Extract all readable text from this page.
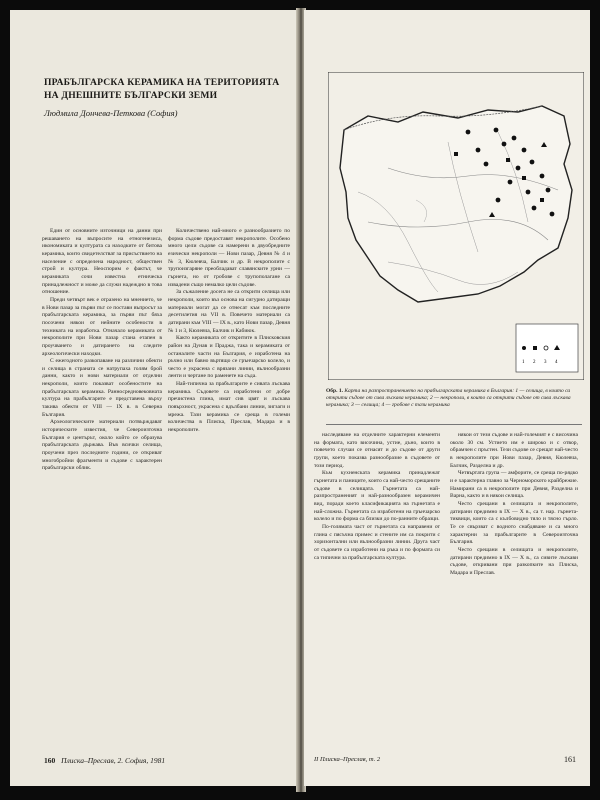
ПРАБЪЛГАРСКА КЕРАМИКА НА ТЕРИТОРИЯТА НА ДНЕШНИТЕ БЪЛГАРСКИ ЗЕМИ
Людмила Дончева-Петкова (София)

Един от основните източници на данни при решаването на въпросите на етногенезиса, икономиката и културата са находките от битова керамика, които свидетелстват за присъствието на население с определена народност, обществен строй и култура. Неоспорим е фактът, че керамиката сочи известна етническа принадлежност и може да служи надеждно в това отношение.

Преди четвърт век е отразено на мнението, че в Нови пазар за първи път се постави въпросът за прабългарската керамика, за първи път бяха посочени някои от нейните особености в техниката на изработка. Отначало керамиката от некрополите при Нови пазар стана етапен в проучването и датирането на следите археологически находки.

С ежегодното разкопаване на различни обекти и селища в страната се натрупаха голям брой данни, както и нови материали от отделни некрополи, които показват особеностите на прабългарската керамика. Ранносредновековната култура на прабългарите е представена върху такива обекти от VIII — IX в. в Северна България.

Археологическите материали потвърждават историческите известия, че Североизточна България е центърът, около който се образува прабългарската държава. Във всички селища, проучени през последните години, се откриват многобройни фрагменти и съдове с характерен прабългарски облик.

Количествено най-много е разнообразието по форма съдове предоставят некрополите. Особено много цели съдове са намерени в двуобредните езически некрополи — Нови пазар, Девня № 4 и № 3, Кюлевча, Балчик и др. В некрополите с трупоизгаряне преобладават славянските урни — гърнета, но от гробове с трупополагане са извадени също немалко цели съдове.

За съжаление досега не са открити селища или некрополи, които въз основа на сигурно датиращи материали могат да се отнесат към последните десетилетия на VII в. Повечето материали са датирани към VIII — IX в., като Нови пазар, Девня № 1 и 3, Кюлевча, Балчик и Кабиюк.

Както керамиката от откритите в Плисковския район на Дунав и Праджа, така и керамиката от останалите части на България, е изработена на ръчно или бавно въртящо се грънчарско колело, и често е украсена с врязани линии, вълнообразни ленти и чертане по раменете на съда.

Най-типична за прабългарите е сивата лъскава керамика. Съдовете са изработени от добре пречистена глина, имат сив цвят и лъскава повърхност, украсена с вдълбани линии, зигзаги и мрежа. Тази керамика се среща в големи количества в Плиска, Преслав, Мадара и в некрополите.

160 Плиска–Преслав, 2. София, 1981
1 2 3 4
Обр. 1. Карта на разпространението на прабългарската керамика в България: 1 — селища, в които са открити съдове от сива лъскава керамика; 2 — некрополи, в които са открити съдове от сива лъскава керамика; 3 — селища; 4 — гробове с тази керамика

наследяване на отделните характерни елементи на формата, като височина, устие, дъно, които в повечето случаи се отнасят и до съдове от други групи, което показва разнообразие в съдовете от този период.

Към кухненската керамика принадлежат гърнетата и паниците, които са най-често срещаните съдове в селищата. Гърнетата са най-разпространеният и най-разнообразен керамичен вид, поради което класификацията на гърнетата е най-сложна. Гърнетата са изработени на грънчарско колело и по форма са близки до по-ранните образци.

По-голямата част от гърнетата са направени от глина с пясъчна примес и стените им са покрити с хоризонтални или вълнообразни линии. Друга част от съдовете са изработени на ръка и по формата си са типични за прабългарската култура.

някои от тези съдове и най-големият е с височина около 30 см. Устието им е широко и с отвор, обрамчен с пръстен. Тези съдове се срещат най-често в некрополите при Нови пазар, Девня, Кюлевча, Балчик, Разделна и др.

Четвъртата група — амфорите, се среща по-рядко и е характерна главно за Черноморското крайбрежие. Намирани са в некрополите при Девня, Разделна и Варна, както и в някои селища.

Често срещани в селищата и некрополите, датирани предимно в IX — X в., са т. нар. гърнета-тиквици, които са с кълбовидно тяло и тясно гърло. Те се свързват с водното снабдяване и са много характерни за прабългарите в Североизточна България.

Често срещани в селищата и некрополите, датирани предимно в IX — X в., са сивите лъскави съдове, откривани при разкопките на Плиска, Мадара и Преслав.

II Плиска–Преслав, т. 2	161
